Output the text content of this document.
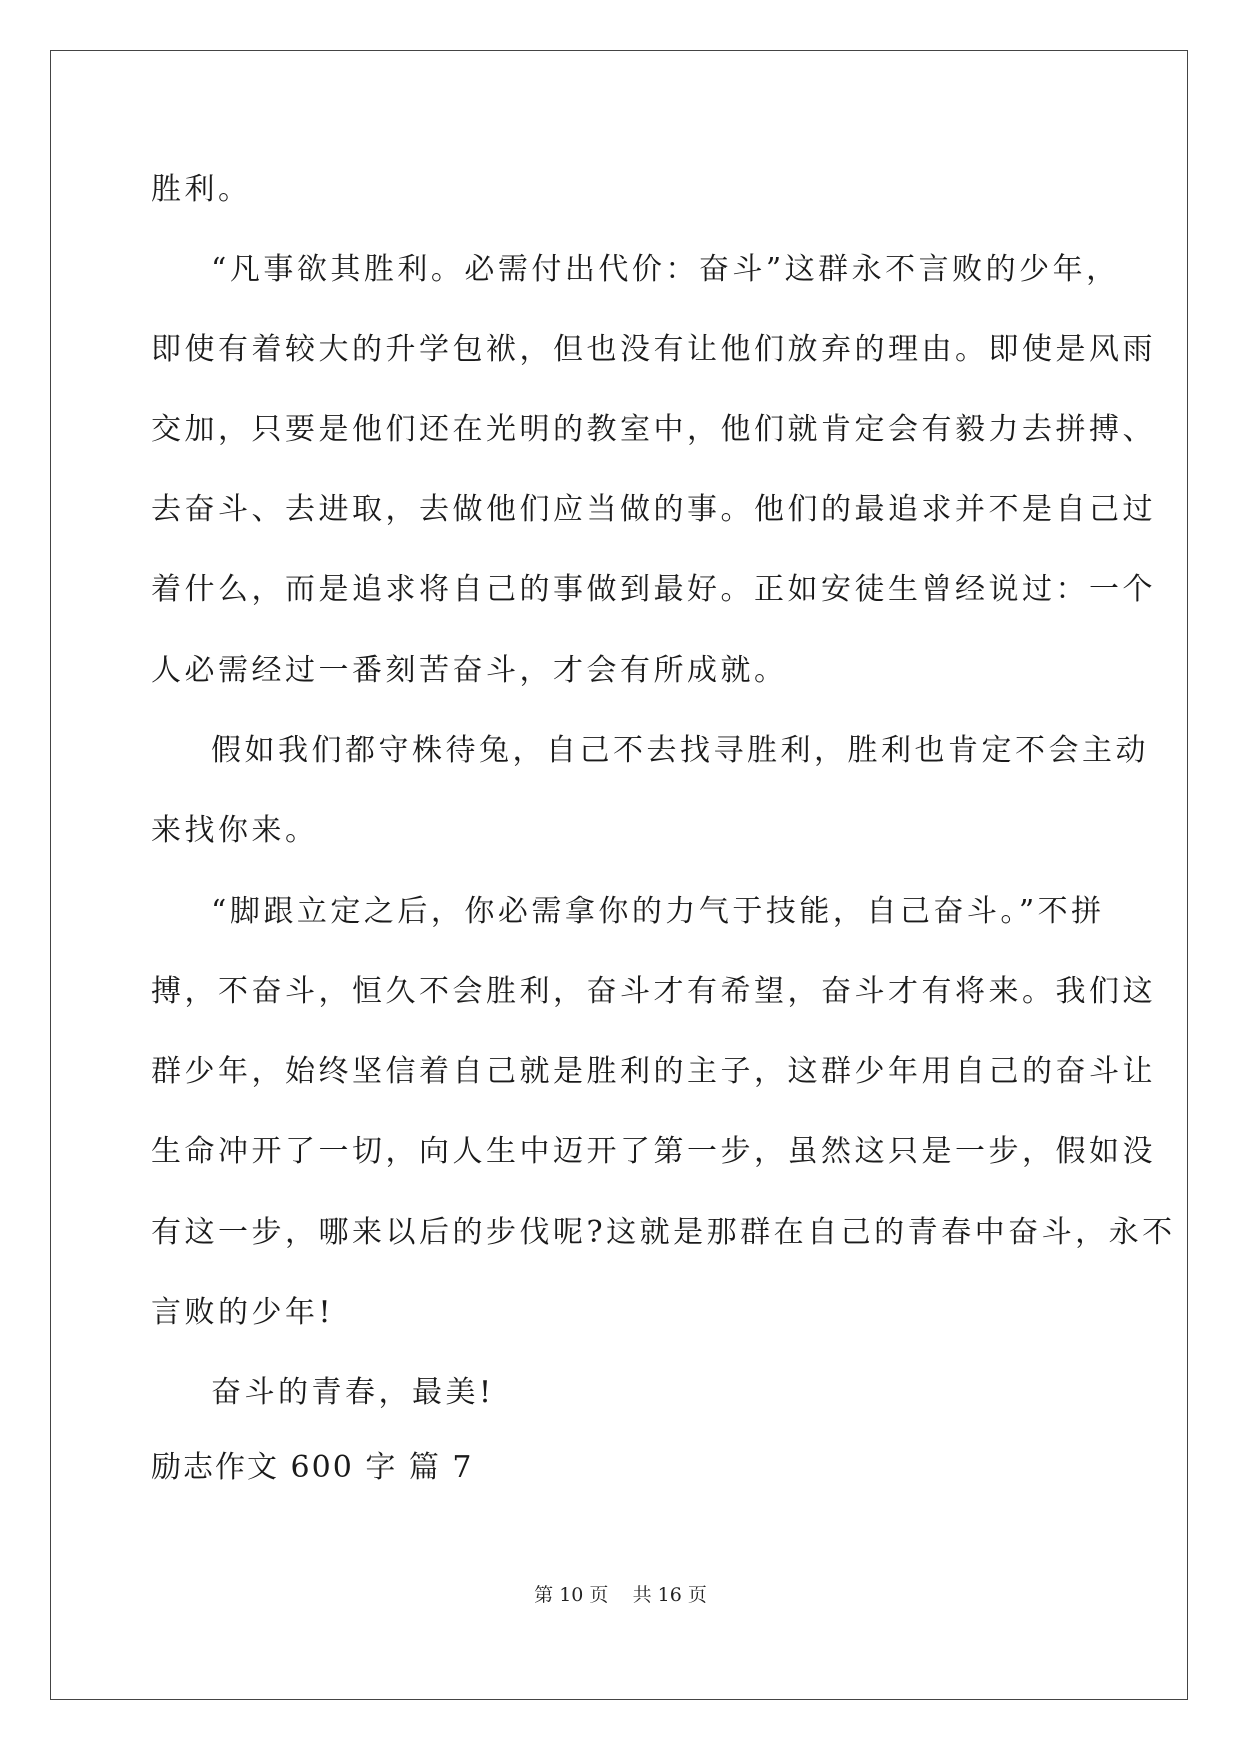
胜利。
“凡事欲其胜利。必需付出代价：奋斗”这群永不言败的少年，
即使有着较大的升学包袱，但也没有让他们放弃的理由。即使是风雨
交加，只要是他们还在光明的教室中，他们就肯定会有毅力去拼搏、
去奋斗、去进取，去做他们应当做的事。他们的最追求并不是自己过
着什么，而是追求将自己的事做到最好。正如安徒生曾经说过：一个
人必需经过一番刻苦奋斗，才会有所成就。
假如我们都守株待兔，自己不去找寻胜利，胜利也肯定不会主动
来找你来。
“脚跟立定之后，你必需拿你的力气于技能，自己奋斗。”不拼
搏，不奋斗，恒久不会胜利，奋斗才有希望，奋斗才有将来。我们这
群少年，始终坚信着自己就是胜利的主子，这群少年用自己的奋斗让
生命冲开了一切，向人生中迈开了第一步，虽然这只是一步，假如没
有这一步，哪来以后的步伐呢?这就是那群在自己的青春中奋斗，永不
言败的少年!
奋斗的青春，最美!
励志作文 600 字 篇 7
第 10 页    共 16 页
